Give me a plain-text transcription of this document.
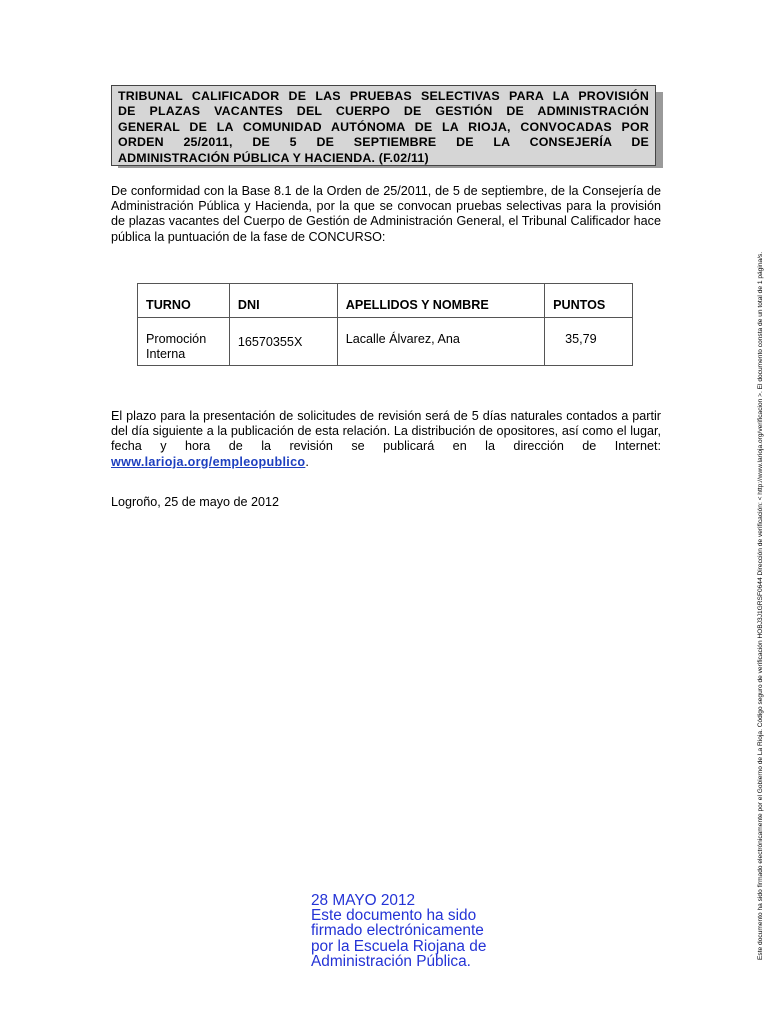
TRIBUNAL CALIFICADOR DE LAS PRUEBAS SELECTIVAS PARA LA PROVISIÓN
DE PLAZAS VACANTES DEL CUERPO DE GESTIÓN DE ADMINISTRACIÓN
GENERAL DE LA COMUNIDAD AUTÓNOMA DE LA RIOJA, CONVOCADAS POR
ORDEN 25/2011, DE 5 DE SEPTIEMBRE DE LA CONSEJERÍA DE
ADMINISTRACIÓN PÚBLICA Y HACIENDA. (F.02/11)
De conformidad con la Base 8.1 de la Orden de 25/2011, de 5 de septiembre, de la Consejería de Administración Pública y Hacienda, por la que se convocan pruebas selectivas para la provisión de plazas vacantes del Cuerpo de Gestión de Administración General, el Tribunal Calificador hace pública la puntuación de la fase de CONCURSO:
TURNO	DNI	APELLIDOS Y NOMBRE	PUNTOS
Promoción Interna	16570355X	Lacalle Álvarez, Ana	35,79
El plazo para la presentación de solicitudes de revisión será de 5 días naturales contados a partir del día siguiente a la publicación de esta relación. La distribución de opositores, así como el lugar, fecha y hora de la revisión se publicará en la dirección de Internet: www.larioja.org/empleopublico.
Logroño, 25 de mayo de 2012
28 MAYO 2012
Este documento ha sido
firmado electrónicamente
por la Escuela Riojana de
Administración Pública.
Este documento ha sido firmado electrónicamente por el Gobierno de La Rioja. Código seguro de verificación HOBJ3J1GRSF0644 Dirección de verificación: < http://www.larioja.org/verificacion >. El documento consta de un total de 1 página/s.
